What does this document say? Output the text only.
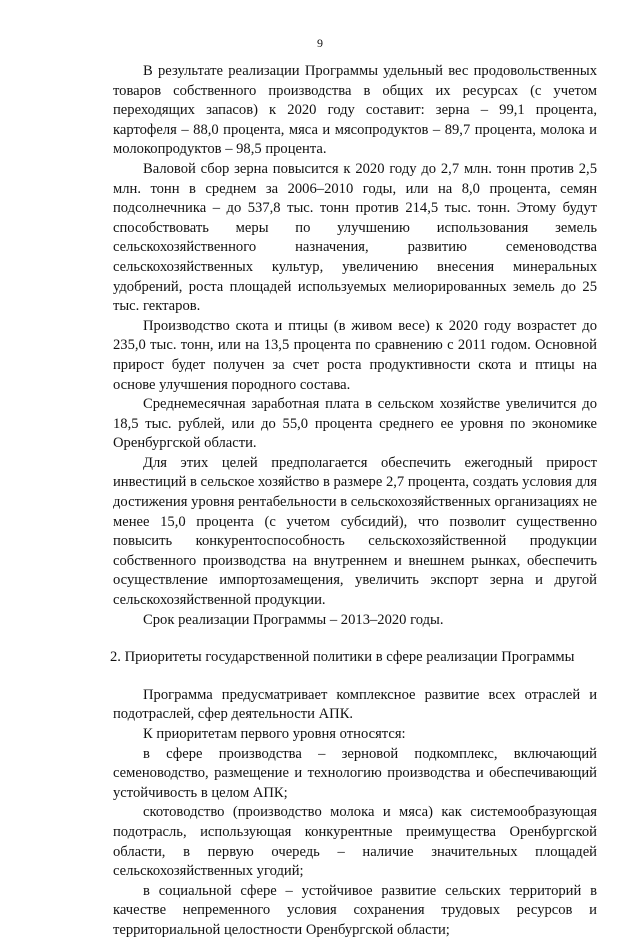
9

В результате реализации Программы удельный вес продовольственных товаров собственного производства в общих их ресурсах (с учетом переходящих запасов) к 2020 году составит: зерна – 99,1 процента, картофеля – 88,0 процента, мяса и мясопродуктов – 89,7 процента, молока и молокопродуктов – 98,5 процента.

Валовой сбор зерна повысится к 2020 году до 2,7 млн. тонн против 2,5 млн. тонн в среднем за 2006–2010 годы, или на 8,0 процента, семян подсолнечника – до 537,8 тыс. тонн против 214,5 тыс. тонн. Этому будут способствовать меры по улучшению использования земель сельскохозяйственного назначения, развитию семеноводства сельскохозяйственных культур, увеличению внесения минеральных удобрений, роста площадей используемых мелиорированных земель до 25 тыс. гектаров.

Производство скота и птицы (в живом весе) к 2020 году возрастет до 235,0 тыс. тонн, или на 13,5 процента по сравнению с 2011 годом. Основной прирост будет получен за счет роста продуктивности скота и птицы на основе улучшения породного состава.

Среднемесячная заработная плата в сельском хозяйстве увеличится до 18,5 тыс. рублей, или до 55,0 процента среднего ее уровня по экономике Оренбургской области.

Для этих целей предполагается обеспечить ежегодный прирост инвестиций в сельское хозяйство в размере 2,7 процента, создать условия для достижения уровня рентабельности в сельскохозяйственных организациях не менее 15,0 процента (с учетом субсидий), что позволит существенно повысить конкурентоспособность сельскохозяйственной продукции собственного производства на внутреннем и внешнем рынках, обеспечить осуществление импортозамещения, увеличить экспорт зерна и другой сельскохозяйственной продукции.

Срок реализации Программы – 2013–2020 годы.

2. Приоритеты государственной политики в сфере реализации Программы

Программа предусматривает комплексное развитие всех отраслей и подотраслей, сфер деятельности АПК.

К приоритетам первого уровня относятся:

в сфере производства – зерновой подкомплекс, включающий семеноводство, размещение и технологию производства и обеспечивающий устойчивость в целом АПК;

скотоводство (производство молока и мяса) как системообразующая подотрасль, использующая конкурентные преимущества Оренбургской области, в первую очередь – наличие значительных площадей сельскохозяйственных угодий;

в социальной сфере – устойчивое развитие сельских территорий в качестве непременного условия сохранения трудовых ресурсов и территориальной целостности Оренбургской области;
